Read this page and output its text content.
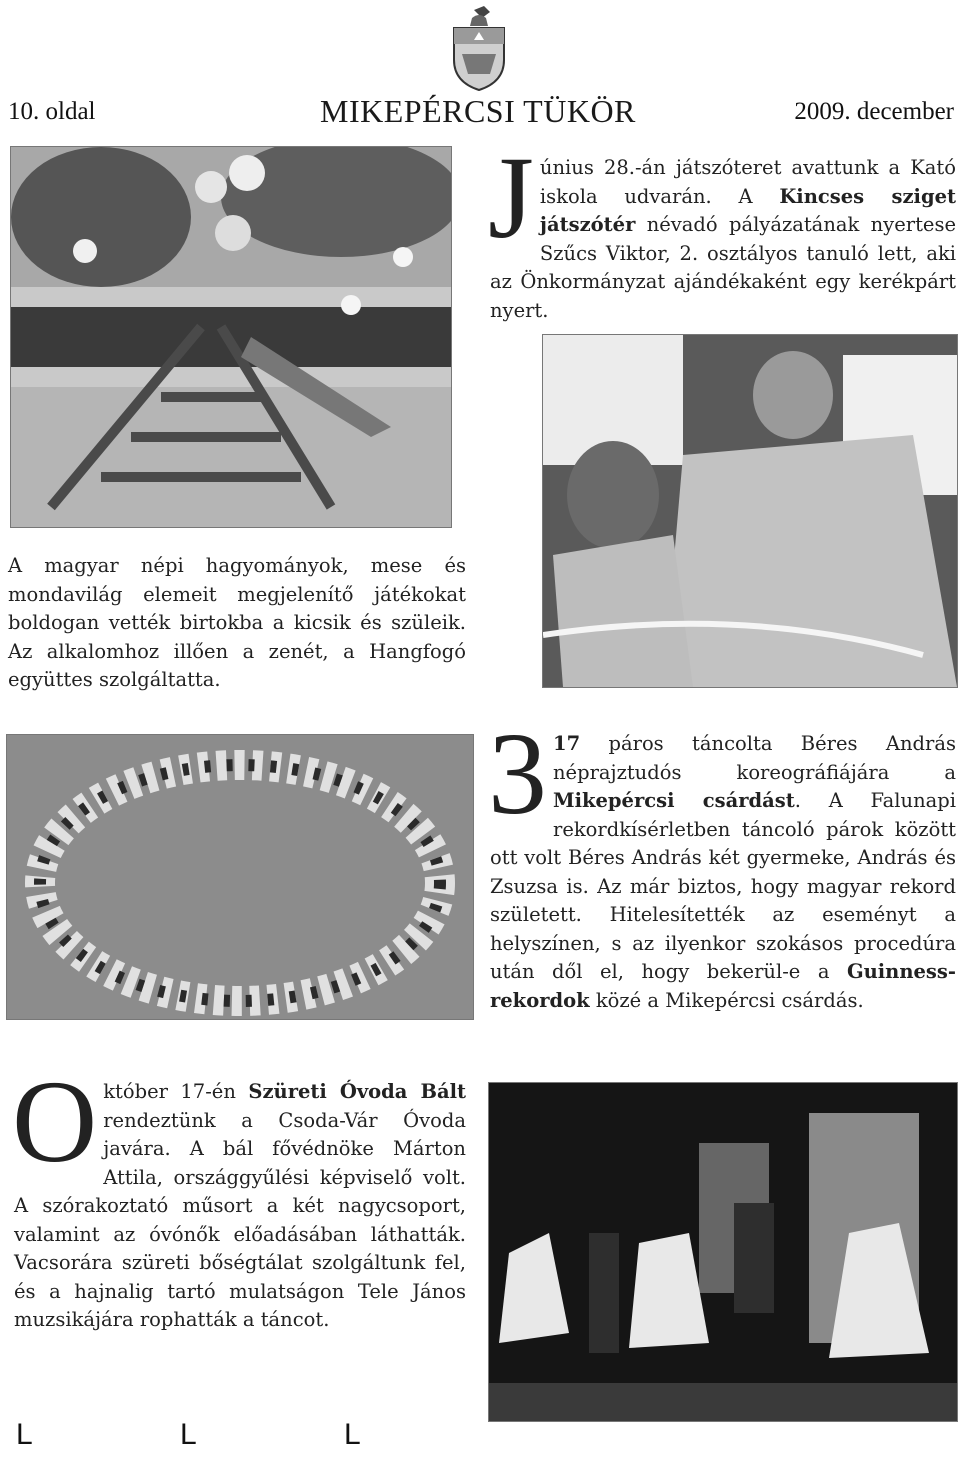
10. oldal	MIKEPÉRCSI TÜKÖR	2009. december
Június 28.-án játszóteret avattunk a Kató iskola udvarán. A Kincses sziget játszótér névadó pályázatának nyertese Szűcs Viktor, 2. osztályos tanuló lett, aki az Önkormányzat ajándékaként egy kerékpárt nyert.
A magyar népi hagyományok, mese és mondavilág elemeit megjelenítő játékokat boldogan vették birtokba a kicsik és szüleik. Az alkalomhoz illően a zenét, a Hangfogó együttes szolgáltatta.
3 17 páros táncolta Béres András néprajztudós koreográfiájára a Mikepércsi csárdást. A Falunapi rekordkísérletben táncoló párok között ott volt Béres András két gyermeke, András és Zsuzsa is. Az már biztos, hogy magyar rekord született. Hitelesítették az eseményt a helyszínen, s az ilyenkor szokásos procedúra után dől el, hogy bekerül-e a Guinness-rekordok közé a Mikepércsi csárdás.
Október 17-én Szüreti Óvoda Bált rendeztünk a Csoda-Vár Óvoda javára. A bál fővédnöke Márton Attila, országgyűlési képviselő volt. A szórakoztató műsort a két nagycsoport, valamint az óvónők előadásában láthatták. Vacsorára szüreti bőségtálat szolgáltunk fel, és a hajnalig tartó mulatságon Tele János muzsikájára rophatták a táncot.
L	L	L
